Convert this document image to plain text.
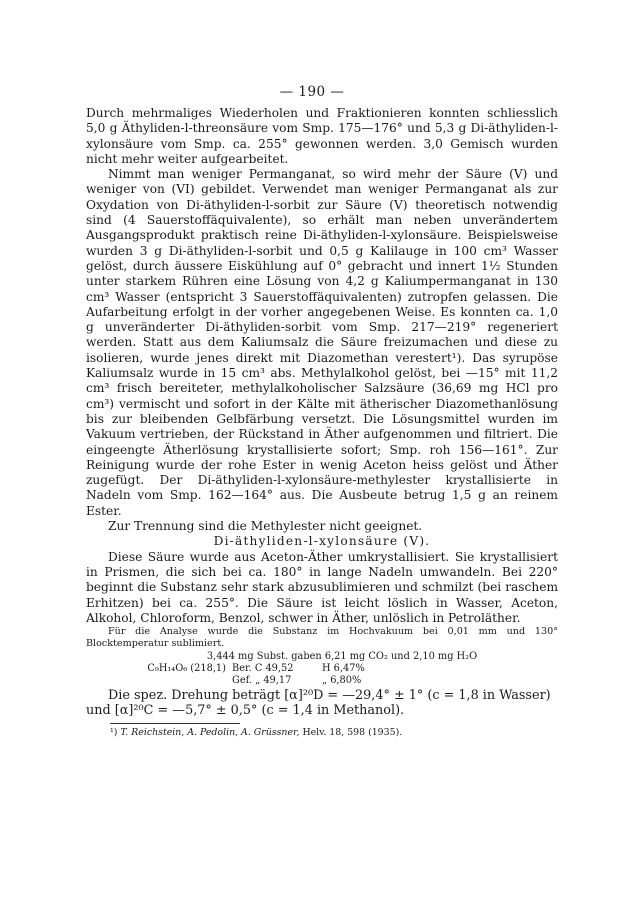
— 190 —

Durch mehrmaliges Wiederholen und Fraktionieren konnten schliesslich 5,0 g Äthyliden-l-threonsäure vom Smp. 175—176° und 5,3 g Di-äthyliden-l-xylonsäure vom Smp. ca. 255° gewonnen werden. 3,0 Gemisch wurden nicht mehr weiter aufgearbeitet.

Nimmt man weniger Permanganat, so wird mehr der Säure (V) und weniger von (VI) gebildet. Verwendet man weniger Permanganat als zur Oxydation von Di-äthyliden-l-sorbit zur Säure (V) theoretisch notwendig sind (4 Sauerstoffäquivalente), so erhält man neben unverändertem Ausgangsprodukt praktisch reine Di-äthyliden-l-xylonsäure. Beispielsweise wurden 3 g Di-äthyliden-l-sorbit und 0,5 g Kalilauge in 100 cm³ Wasser gelöst, durch äussere Eiskühlung auf 0° gebracht und innert 1½ Stunden unter starkem Rühren eine Lösung von 4,2 g Kaliumpermanganat in 130 cm³ Wasser (entspricht 3 Sauerstoffäquivalenten) zutropfen gelassen. Die Aufarbeitung erfolgt in der vorher angegebenen Weise. Es konnten ca. 1,0 g unveränderter Di-äthyliden-sorbit vom Smp. 217—219° regeneriert werden. Statt aus dem Kaliumsalz die Säure freizumachen und diese zu isolieren, wurde jenes direkt mit Diazomethan verestert¹). Das syrupöse Kaliumsalz wurde in 15 cm³ abs. Methylalkohol gelöst, bei —15° mit 11,2 cm³ frisch bereiteter, methylalkoholischer Salzsäure (36,69 mg HCl pro cm³) vermischt und sofort in der Kälte mit ätherischer Diazomethanlösung bis zur bleibenden Gelbfärbung versetzt. Die Lösungsmittel wurden im Vakuum vertrieben, der Rückstand in Äther aufgenommen und filtriert. Die eingeengte Ätherlösung krystallisierte sofort; Smp. roh 156—161°. Zur Reinigung wurde der rohe Ester in wenig Aceton heiss gelöst und Äther zugefügt. Der Di-äthyliden-l-xylonsäure-methylester krystallisierte in Nadeln vom Smp. 162—164° aus. Die Ausbeute betrug 1,5 g an reinem Ester.

Zur Trennung sind die Methylester nicht geeignet.

Di-äthyliden-l-xylonsäure (V).

Diese Säure wurde aus Aceton-Äther umkrystallisiert. Sie krystallisiert in Prismen, die sich bei ca. 180° in lange Nadeln umwandeln. Bei 220° beginnt die Substanz sehr stark abzusublimieren und schmilzt (bei raschem Erhitzen) bei ca. 255°. Die Säure ist leicht löslich in Wasser, Aceton, Alkohol, Chloroform, Benzol, schwer in Äther, unlöslich in Petroläther.

Für die Analyse wurde die Substanz im Hochvakuum bei 0,01 mm und 130° Blocktemperatur sublimiert.

3,444 mg Subst. gaben 6,21 mg CO₂ und 2,10 mg H₂O
C₉H₁₄O₆ (218,1) Ber. C 49,52	H 6,47%
Gef. „ 49,17	„ 6,80%

Die spez. Drehung beträgt [α]²⁰D = —29,4° ± 1° (c = 1,8 in Wasser)

und [α]²⁰C = —5,7° ± 0,5° (c = 1,4 in Methanol).

¹) T. Reichstein, A. Pedolin, A. Grüssner, Helv. 18, 598 (1935).
